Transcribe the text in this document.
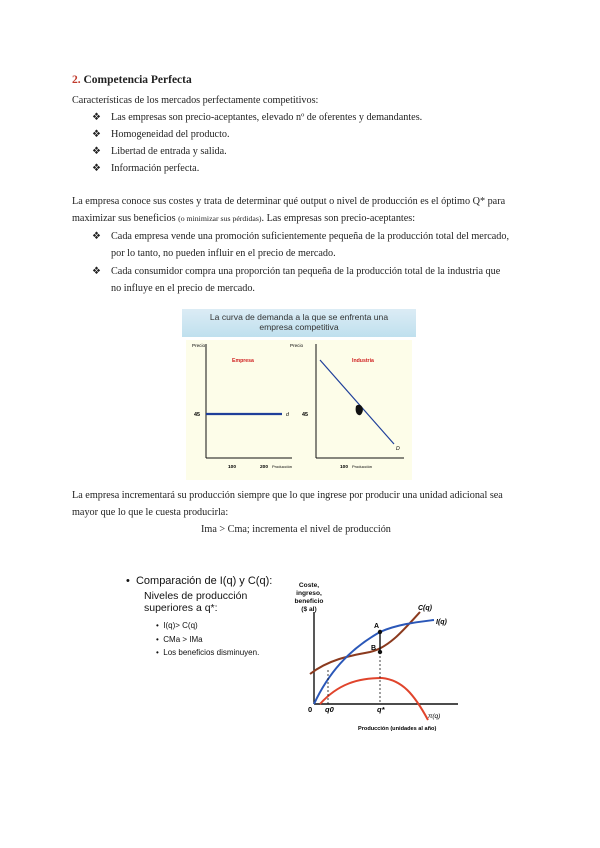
2. Competencia Perfecta
Características de los mercados perfectamente competitivos:
❖ Las empresas son precio-aceptantes, elevado nº de oferentes y demandantes.
❖ Homogeneidad del producto.
❖ Libertad de entrada y salida.
❖ Información perfecta.
La empresa conoce sus costes y trata de determinar qué output o nivel de producción es el óptimo Q* para
maximizar sus beneficios (o minimizar sus pérdidas). Las empresas son precio-aceptantes:
❖ Cada empresa vende una promoción suficientemente pequeña de la producción total del mercado,
por lo tanto, no pueden influir en el precio de mercado.
❖ Cada consumidor compra una proporción tan pequeña de la producción total de la industria que
no influye en el precio de mercado.
La curva de demanda a la que se enfrenta una
empresa competitiva
Precio
Empresa
45	d
100	200 Producción
Precio
Industria
45
D
100 Producción
La empresa incrementará su producción siempre que lo que ingrese por producir una unidad adicional sea
mayor que lo que le cuesta producirla:
Ima > Cma; incrementa el nivel de producción
•  Comparación de I(q) y C(q):
Niveles de producción
superiores a q*:
•  I(q)> C(q)
•  CMa > IMa
•  Los beneficios disminuyen.
Coste,
ingreso,
beneficio
($ al)
A
B
C(q)
I(q)
0 q0	q*
π(q)
Producción (unidades al año)
